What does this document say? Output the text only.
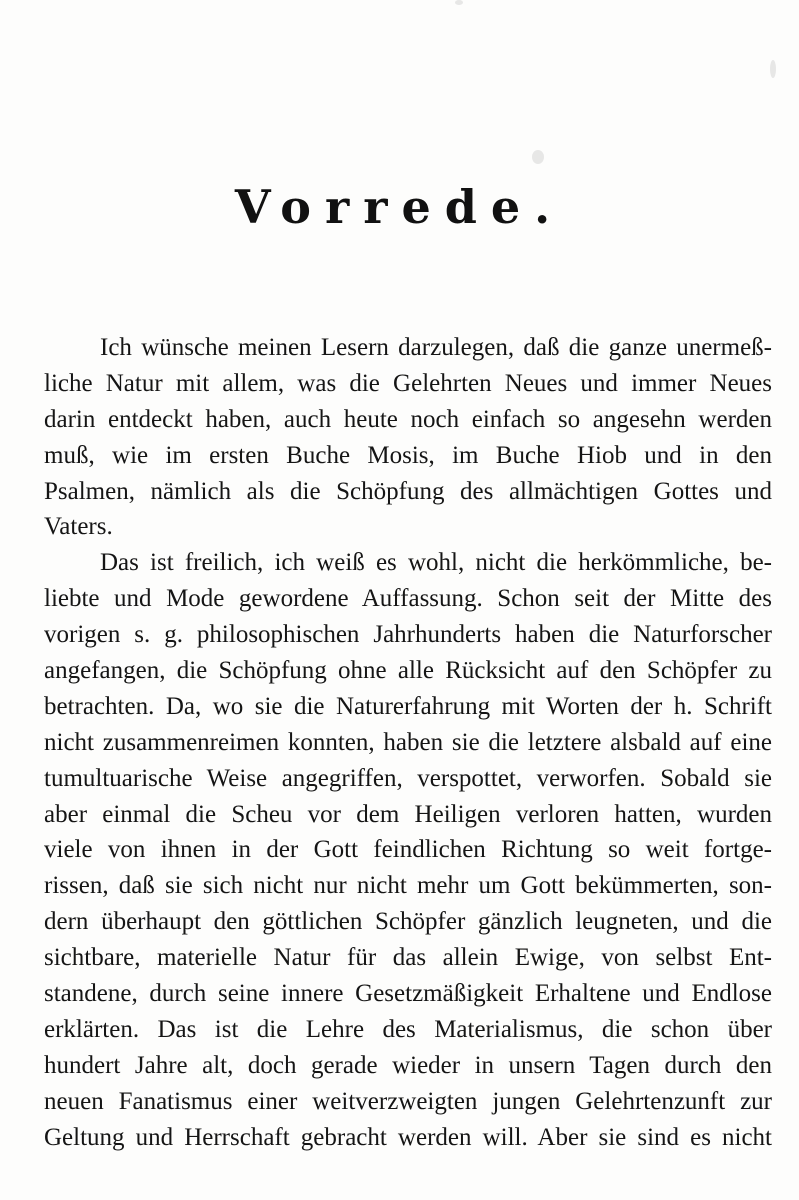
Vorrede.
Ich wünsche meinen Lesern darzulegen, daß die ganze unermeß-
liche Natur mit allem, was die Gelehrten Neues und immer Neues
darin entdeckt haben, auch heute noch einfach so angesehn werden
muß, wie im ersten Buche Mosis, im Buche Hiob und in den
Psalmen, nämlich als die Schöpfung des allmächtigen Gottes und
Vaters.
Das ist freilich, ich weiß es wohl, nicht die herkömmliche, be-
liebte und Mode gewordene Auffassung. Schon seit der Mitte des
vorigen s. g. philosophischen Jahrhunderts haben die Naturforscher
angefangen, die Schöpfung ohne alle Rücksicht auf den Schöpfer zu
betrachten. Da, wo sie die Naturerfahrung mit Worten der h. Schrift
nicht zusammenreimen konnten, haben sie die letztere alsbald auf eine
tumultuarische Weise angegriffen, verspottet, verworfen. Sobald sie
aber einmal die Scheu vor dem Heiligen verloren hatten, wurden
viele von ihnen in der Gott feindlichen Richtung so weit fortge-
rissen, daß sie sich nicht nur nicht mehr um Gott bekümmerten, son-
dern überhaupt den göttlichen Schöpfer gänzlich leugneten, und die
sichtbare, materielle Natur für das allein Ewige, von selbst Ent-
standene, durch seine innere Gesetzmäßigkeit Erhaltene und Endlose
erklärten. Das ist die Lehre des Materialismus, die schon über
hundert Jahre alt, doch gerade wieder in unsern Tagen durch den
neuen Fanatismus einer weitverzweigten jungen Gelehrtenzunft zur
Geltung und Herrschaft gebracht werden will. Aber sie sind es nicht
